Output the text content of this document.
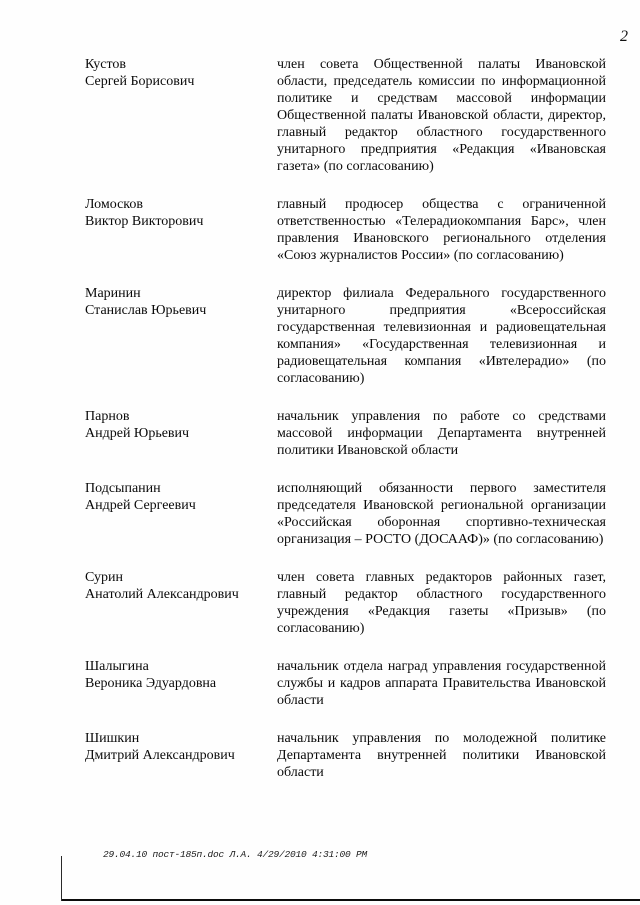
2
Кустов
Сергей Борисович
член совета Общественной палаты Ивановской области, председатель комиссии по информационной политике и средствам массовой информации Общественной палаты Ивановской области, директор, главный редактор областного государственного унитарного предприятия «Редакция «Ивановская газета» (по согласованию)
Ломосков
Виктор Викторович
главный продюсер общества с ограниченной ответственностью «Телерадиокомпания Барс», член правления Ивановского регионального отделения «Союз журналистов России» (по согласованию)
Маринин
Станислав Юрьевич
директор филиала Федерального государственного унитарного предприятия «Всероссийская государственная телевизионная и радиовещательная компания» «Государственная телевизионная и радиовещательная компания «Ивтелерадио» (по согласованию)
Парнов
Андрей Юрьевич
начальник управления по работе со средствами массовой информации Департамента внутренней политики Ивановской области
Подсыпанин
Андрей Сергеевич
исполняющий обязанности первого заместителя председателя Ивановской региональной организации «Российская оборонная спортивно-техническая организация – РОСТО (ДОСААФ)» (по согласованию)
Сурин
Анатолий Александрович
член совета главных редакторов районных газет, главный редактор областного государственного учреждения «Редакция газеты «Призыв» (по согласованию)
Шалыгина
Вероника Эдуардовна
начальник отдела наград управления государственной службы и кадров аппарата Правительства Ивановской области
Шишкин
Дмитрий Александрович
начальник управления по молодежной политике Департамента внутренней политики Ивановской области
29.04.10 пост-185п.doc Л.А. 4/29/2010 4:31:00 PM
